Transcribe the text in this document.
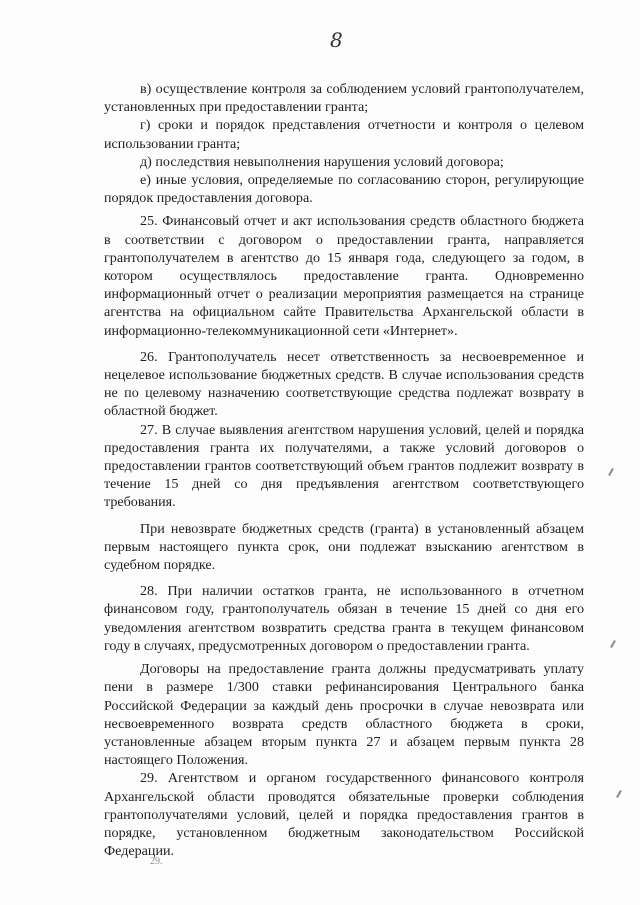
8

в) осуществление контроля за соблюдением условий грантополучателем, установленных при предоставлении гранта;

г) сроки и порядок представления отчетности и контроля о целевом использовании гранта;

д) последствия невыполнения нарушения условий договора;

е) иные условия, определяемые по согласованию сторон, регулирующие порядок предоставления договора.

25. Финансовый отчет и акт использования средств областного бюджета в соответствии с договором о предоставлении гранта, направляется грантополучателем в агентство до 15 января года, следующего за годом, в котором осуществлялось предоставление гранта. Одновременно информационный отчет о реализации мероприятия размещается на странице агентства на официальном сайте Правительства Архангельской области в информационно-телекоммуникационной сети «Интернет».

26. Грантополучатель несет ответственность за несвоевременное и нецелевое использование бюджетных средств. В случае использования средств не по целевому назначению соответствующие средства подлежат возврату в областной бюджет.

27. В случае выявления агентством нарушения условий, целей и порядка предоставления гранта их получателями, а также условий договоров о предоставлении грантов соответствующий объем грантов подлежит возврату в течение 15 дней со дня предъявления агентством соответствующего требования.

При невозврате бюджетных средств (гранта) в установленный абзацем первым настоящего пункта срок, они подлежат взысканию агентством в судебном порядке.

28. При наличии остатков гранта, не использованного в отчетном финансовом году, грантополучатель обязан в течение 15 дней со дня его уведомления агентством возвратить средства гранта в текущем финансовом году в случаях, предусмотренных договором о предоставлении гранта.

Договоры на предоставление гранта должны предусматривать уплату пени в размере 1/300 ставки рефинансирования Центрального банка Российской Федерации за каждый день просрочки в случае невозврата или несвоевременного возврата средств областного бюджета в сроки, установленные абзацем вторым пункта 27 и абзацем первым пункта 28 настоящего Положения.

29. Агентством и органом государственного финансового контроля Архангельской области проводятся обязательные проверки соблюдения грантополучателями условий, целей и порядка предоставления грантов в порядке, установленном бюджетным законодательством Российской Федерации.

29.
